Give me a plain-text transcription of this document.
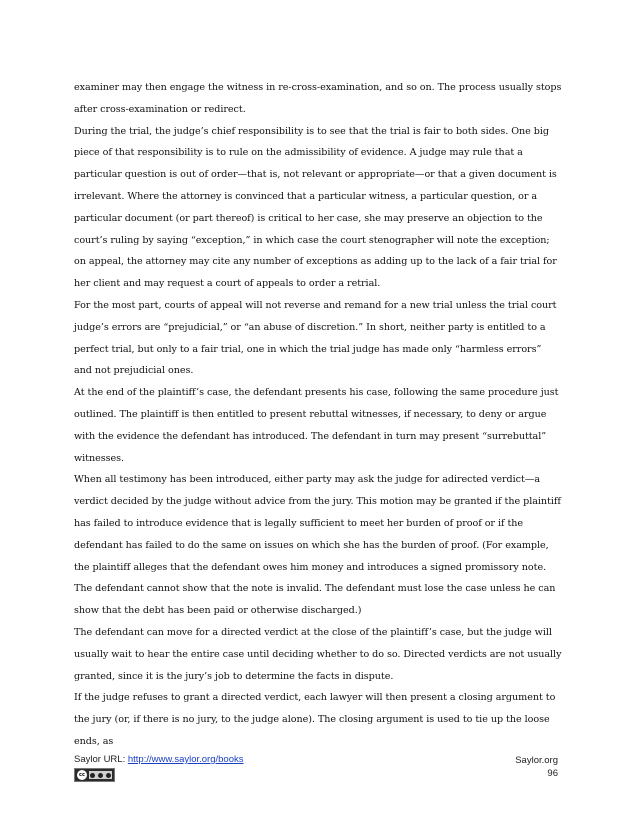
examiner may then engage the witness in re-cross-examination, and so on. The process usually stops after cross-examination or redirect.

During the trial, the judge’s chief responsibility is to see that the trial is fair to both sides. One big piece of that responsibility is to rule on the admissibility of evidence. A judge may rule that a particular question is out of order—that is, not relevant or appropriate—or that a given document is irrelevant. Where the attorney is convinced that a particular witness, a particular question, or a particular document (or part thereof) is critical to her case, she may preserve an objection to the court’s ruling by saying “exception,” in which case the court stenographer will note the exception; on appeal, the attorney may cite any number of exceptions as adding up to the lack of a fair trial for her client and may request a court of appeals to order a retrial.

For the most part, courts of appeal will not reverse and remand for a new trial unless the trial court judge’s errors are “prejudicial,” or “an abuse of discretion.” In short, neither party is entitled to a perfect trial, but only to a fair trial, one in which the trial judge has made only “harmless errors” and not prejudicial ones.

At the end of the plaintiff’s case, the defendant presents his case, following the same procedure just outlined. The plaintiff is then entitled to present rebuttal witnesses, if necessary, to deny or argue with the evidence the defendant has introduced. The defendant in turn may present “surrebuttal” witnesses.

When all testimony has been introduced, either party may ask the judge for adirected verdict—a verdict decided by the judge without advice from the jury. This motion may be granted if the plaintiff has failed to introduce evidence that is legally sufficient to meet her burden of proof or if the defendant has failed to do the same on issues on which she has the burden of proof. (For example, the plaintiff alleges that the defendant owes him money and introduces a signed promissory note. The defendant cannot show that the note is invalid. The defendant must lose the case unless he can show that the debt has been paid or otherwise discharged.)

The defendant can move for a directed verdict at the close of the plaintiff’s case, but the judge will usually wait to hear the entire case until deciding whether to do so. Directed verdicts are not usually granted, since it is the jury’s job to determine the facts in dispute.

If the judge refuses to grant a directed verdict, each lawyer will then present a closing argument to the jury (or, if there is no jury, to the judge alone). The closing argument is used to tie up the loose ends, as

Saylor URL: http://www.saylor.org/books
cc
Saylor.org
96
